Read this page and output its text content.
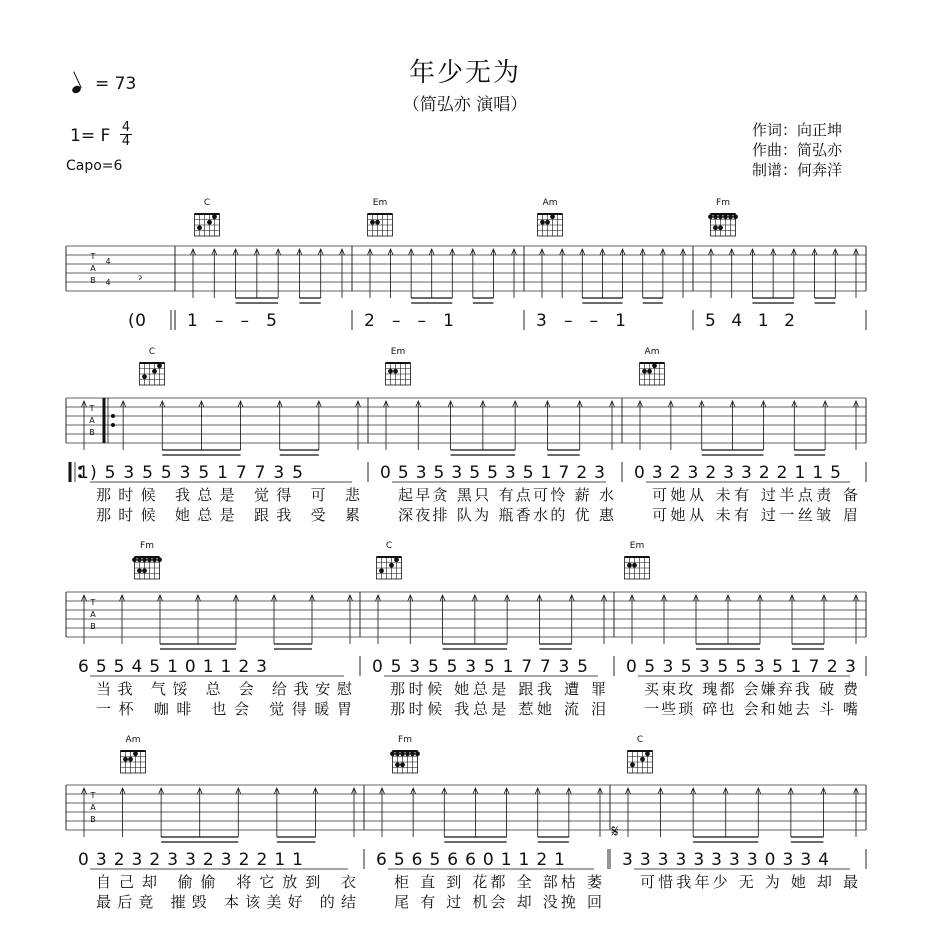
年少无为
（简弘亦 演唱）
= 73
1= F 4
4
Capo=6
作词：向正坤
作曲：简弘亦
制谱：何奔洋
C	Em	Am	Fm
T
A
B
4
4
ɂ
(0 1 – – 5	2 – – 1	3 – – 1	5 4 1 2
C	Em	Am
T
A
B
1) 5 3 5 5 3 5 1 7 7 3 5
那时候 我总是 觉得 可 悲
那时候 她总是 跟我 受 累
0 5 3 5 3 5 5 3 5 1 7 2 3
起早贪 黑只 有点可怜 薪 水
深夜排 队为 瓶香水的 优 惠
0 3 2 3 2 3 3 2 2 1 1 5
可她从 未有 过半点责 备
可她从 未有 过一丝皱 眉
Fm	C	Em
T
A
B
6 5 5 4 5 1 0 1 1 2 3
当我 气馁 总 会 给我安慰
一杯 咖啡 也会 觉得暖胃
0 5 3 5 5 3 5 1 7 7 3 5
那时候 她总是 跟我 遭 罪
那时候 我总是 惹她 流 泪
0 5 3 5 3 5 5 3 5 1 7 2 3
买束玫 瑰都 会嫌弃我 破 费
一些琐 碎也 会和她去 斗 嘴
Am	Fm	C
T
A
B
𝄋
0 3 2 3 2 3 3 2 3 2 2 1 1
自己却 偷偷 将它放到 衣
最后竟 摧毁 本该美好 的结
6 5 6 5 6 6 0 1 1 2 1
柜 直 到 花都 全 部枯 萎
尾 有 过 机会 却 没挽 回
3 3 3 3 3 3 3 3 0 3 3 4
可惜我年少 无 为 她 却 最
